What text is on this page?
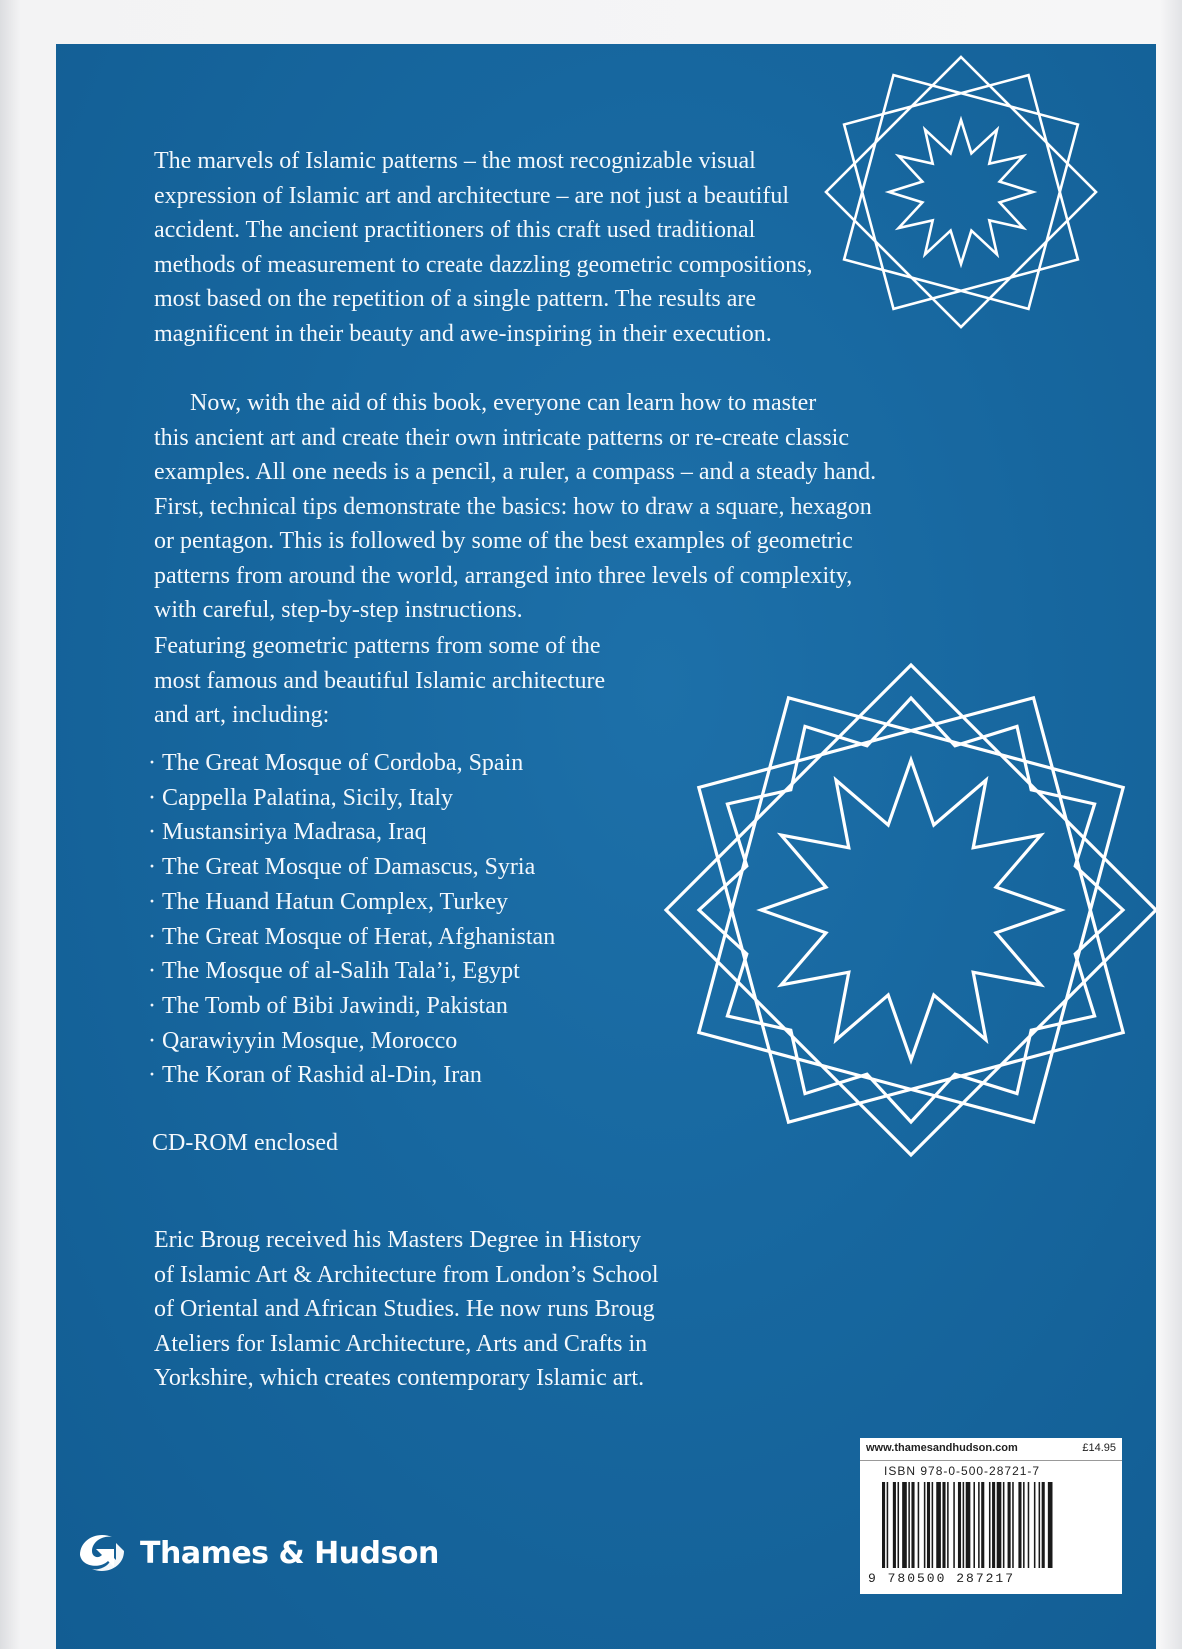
The marvels of Islamic patterns – the most recognizable visual
expression of Islamic art and architecture – are not just a beautiful
accident. The ancient practitioners of this craft used traditional
methods of measurement to create dazzling geometric compositions,
most based on the repetition of a single pattern. The results are
magnificent in their beauty and awe-inspiring in their execution.
Now, with the aid of this book, everyone can learn how to master
this ancient art and create their own intricate patterns or re-create classic
examples. All one needs is a pencil, a ruler, a compass – and a steady hand.
First, technical tips demonstrate the basics: how to draw a square, hexagon
or pentagon. This is followed by some of the best examples of geometric
patterns from around the world, arranged into three levels of complexity,
with careful, step-by-step instructions.
Featuring geometric patterns from some of the
most famous and beautiful Islamic architecture
and art, including:
· The Great Mosque of Cordoba, Spain
· Cappella Palatina, Sicily, Italy
· Mustansiriya Madrasa, Iraq
· The Great Mosque of Damascus, Syria
· The Huand Hatun Complex, Turkey
· The Great Mosque of Herat, Afghanistan
· The Mosque of al-Salih Tala’i, Egypt
· The Tomb of Bibi Jawindi, Pakistan
· Qarawiyyin Mosque, Morocco
· The Koran of Rashid al-Din, Iran
CD-ROM enclosed
Eric Broug received his Masters Degree in History
of Islamic Art & Architecture from London’s School
of Oriental and African Studies. He now runs Broug
Ateliers for Islamic Architecture, Arts and Crafts in
Yorkshire, which creates contemporary Islamic art.
Thames & Hudson
www.thamesandhudson.com	£14.95
ISBN 978-0-500-28721-7
9 780500 287217
